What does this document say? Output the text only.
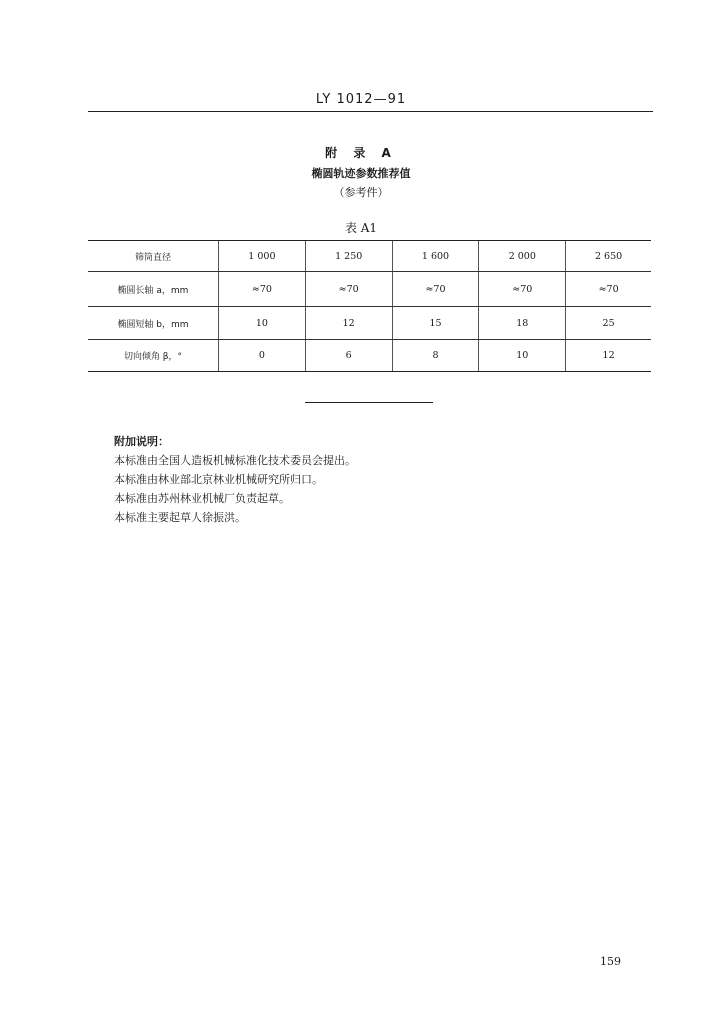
LY 1012—91
附 录 A
椭圆轨迹参数推荐值
（参考件）
表 A1
筛筒直径	1 000	1 250	1 600	2 000	2 650
椭圆长轴 a，mm	≈70	≈70	≈70	≈70	≈70
椭圆短轴 b，mm	10	12	15	18	25
切向倾角 β，°	0	6	8	10	12
附加说明：
本标准由全国人造板机械标准化技术委员会提出。
本标准由林业部北京林业机械研究所归口。
本标准由苏州林业机械厂负责起草。
本标准主要起草人徐振洪。
159
